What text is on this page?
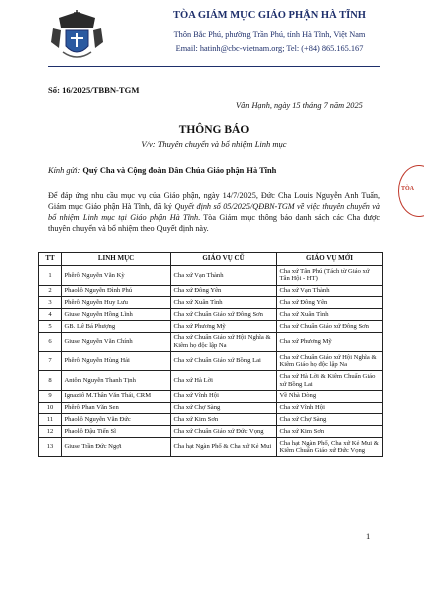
TÒA GIÁM MỤC GIÁO PHẬN HÀ TĨNH
Thôn Bắc Phú, phường Trần Phú, tỉnh Hà Tĩnh, Việt Nam
Email: hatinh@cbc-vietnam.org; Tel: (+84) 865.165.167
Số: 16/2025/TBBN-TGM
Vân Hạnh, ngày 15 tháng 7 năm 2025
THÔNG BÁO
V/v: Thuyên chuyển và bổ nhiệm Linh mục
Kính gửi: Quý Cha và Cộng đoàn Dân Chúa Giáo phận Hà Tĩnh
Để đáp ứng nhu cầu mục vụ của Giáo phận, ngày 14/7/2025, Đức Cha Louis Nguyễn Anh Tuấn, Giám mục Giáo phận Hà Tĩnh, đã ký Quyết định số 05/2025/QĐBN-TGM về việc thuyên chuyển và bổ nhiệm Linh mục tại Giáo phận Hà Tĩnh. Tòa Giám mục thông báo danh sách các Cha được thuyên chuyển và bổ nhiệm theo Quyết định này.
TT	LINH MỤC	GIÁO VỤ CŨ	GIÁO VỤ MỚI
1	Phêrô Nguyễn Văn Kỳ	Cha xứ Vạn Thành	Cha xứ Tân Phú (Tách từ Giáo xứ Tân Hội - HT)
2	Phaolô Nguyễn Đình Phú	Cha xứ Đông Yên	Cha xứ Vạn Thành
3	Phêrô Nguyễn Huy Lưu	Cha xứ Xuân Tình	Cha xứ Đông Yên
4	Giuse Nguyễn Hồng Lĩnh	Cha xứ Chuẩn Giáo xứ Đông Sơn	Cha xứ Xuân Tình
5	GB. Lê Bá Phượng	Cha xứ Phương Mỹ	Cha xứ Chuẩn Giáo xứ Đông Sơn
6	Giuse Nguyễn Văn Chính	Cha xứ Chuẩn Giáo xứ Hội Nghĩa & Kiêm họ độc lập Na	Cha xứ Phương Mỹ
7	Phêrô Nguyễn Hùng Hải	Cha xứ Chuẩn Giáo xứ Bồng Lai	Cha xứ Chuẩn Giáo xứ Hội Nghĩa & Kiêm Giáo họ độc lập Na
8	Antôn Nguyễn Thanh Tịnh	Cha xứ Hà Lời	Cha xứ Hà Lời & Kiêm Chuẩn Giáo xứ Bồng Lai
9	Ignaziô M.Thân Văn Thái, CRM	Cha xứ Vĩnh Hội	Về Nhà Dòng
10	Phêrô Phan Văn Sen	Cha xứ Chợ Sàng	Cha xứ Vĩnh Hội
11	Phaolô Nguyễn Văn Đức	Cha xứ Kim Sơn	Cha xứ Chợ Sàng
12	Phaolô Đậu Tiến Sĩ	Cha xứ Chuẩn Giáo xứ Đức Vọng	Cha xứ Kim Sơn
13	Giuse Trần Đức Ngợi	Cha hạt Ngàn Phố & Cha xứ Kẻ Mui	Cha hạt Ngàn Phố, Cha xứ Kẻ Mui & Kiêm Chuẩn Giáo xứ Đức Vọng
1
TÒA
